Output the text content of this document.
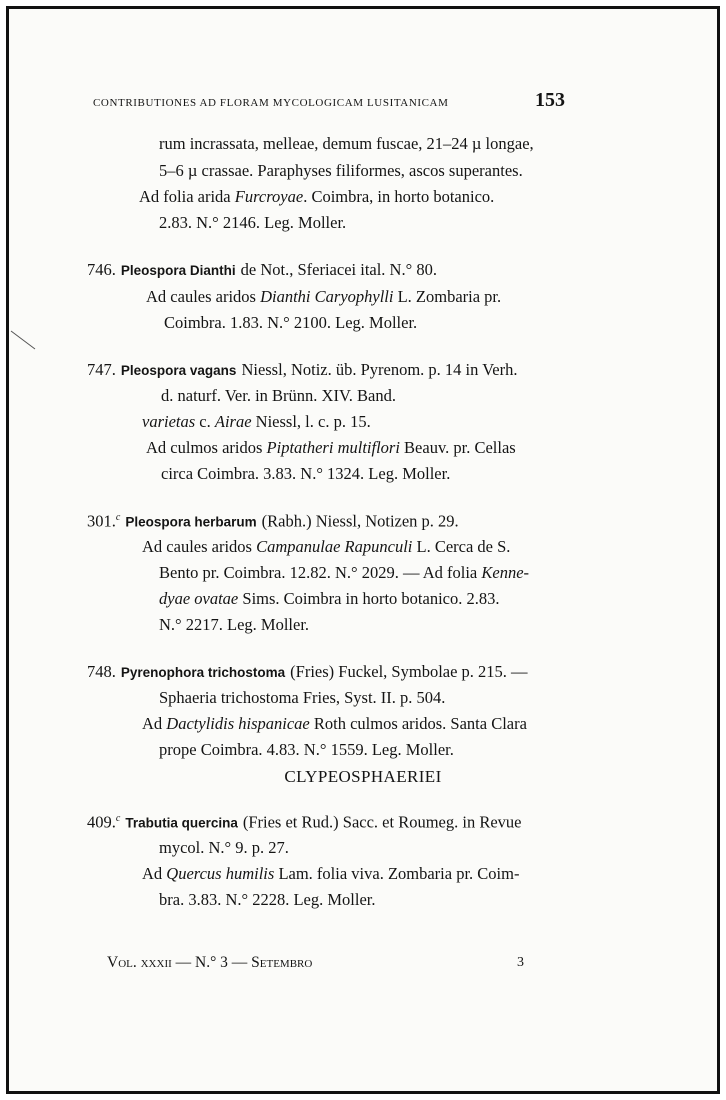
CONTRIBUTIONES AD FLORAM MYCOLOGICAM LUSITANICAM	153
rum incrassata, melleae, demum fuscae, 21–24 µ longae,
5–6 µ crassae. Paraphyses filiformes, ascos superantes.
Ad folia arida Furcroyae. Coimbra, in horto botanico.
2.83. N.° 2146. Leg. Moller.
746. Pleospora Dianthi de Not., Sferiacei ital. N.° 80.
Ad caules aridos Dianthi Caryophylli L. Zombaria pr.
Coimbra. 1.83. N.° 2100. Leg. Moller.
747. Pleospora vagans Niessl, Notiz. üb. Pyrenom. p. 14 in Verh.
d. naturf. Ver. in Brünn. XIV. Band.
varietas c. Airae Niessl, l. c. p. 15.
Ad culmos aridos Piptatheri multiflori Beauv. pr. Cellas
circa Coimbra. 3.83. N.° 1324. Leg. Moller.
301.$^c$ Pleospora herbarum (Rabh.) Niessl, Notizen p. 29.
Ad caules aridos Campanulae Rapunculi L. Cerca de S.
Bento pr. Coimbra. 12.82. N.° 2029. — Ad folia Kenne-
dyae ovatae Sims. Coimbra in horto botanico. 2.83.
N.° 2217. Leg. Moller.
748. Pyrenophora trichostoma (Fries) Fuckel, Symbolae p. 215. —
Sphaeria trichostoma Fries, Syst. II. p. 504.
Ad Dactylidis hispanicae Roth culmos aridos. Santa Clara
prope Coimbra. 4.83. N.° 1559. Leg. Moller.
CLYPEOSPHAERIEI
409.$^c$ Trabutia quercina (Fries et Rud.) Sacc. et Roumeg. in Revue
mycol. N.° 9. p. 27.
Ad Quercus humilis Lam. folia viva. Zombaria pr. Coim-
bra. 3.83. N.° 2228. Leg. Moller.
Vol. xxxii — N.° 3 — Setembro	3
